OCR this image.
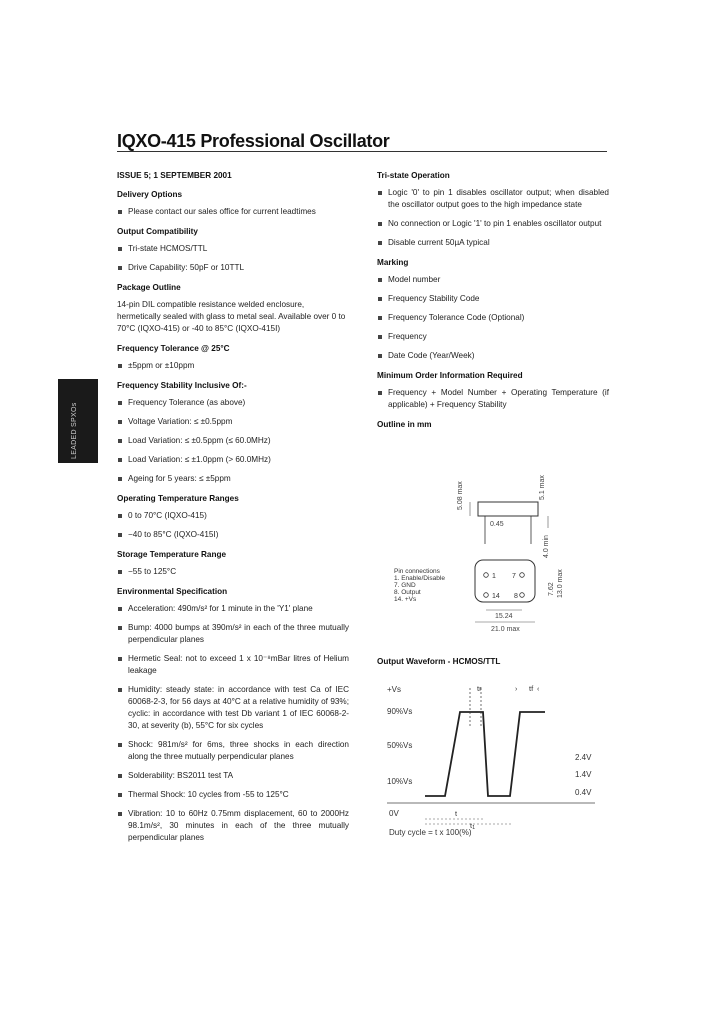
IQXO-415 Professional Oscillator
LEADED SPXOs
ISSUE 5; 1 SEPTEMBER 2001
Delivery Options
Please contact our sales office for current leadtimes
Output Compatibility
Tri-state HCMOS/TTL
Drive Capability: 50pF or 10TTL
Package Outline
14-pin DIL compatible resistance welded enclosure, hermetically sealed with glass to metal seal. Available over 0 to 70°C (IQXO-415) or -40 to 85°C (IQXO-415I)
Frequency Tolerance @ 25°C
±5ppm or ±10ppm
Frequency Stability Inclusive Of:-
Frequency Tolerance (as above)
Voltage Variation: ≤ ±0.5ppm
Load Variation: ≤ ±0.5ppm (≤ 60.0MHz)
Load Variation: ≤ ±1.0ppm (> 60.0MHz)
Ageing for 5 years: ≤ ±5ppm
Operating Temperature Ranges
0 to 70°C (IQXO-415)
−40 to 85°C (IQXO-415I)
Storage Temperature Range
−55 to 125°C
Environmental Specification
Acceleration: 490m/s² for 1 minute in the 'Y1' plane
Bump: 4000 bumps at 390m/s² in each of the three mutually perpendicular planes
Hermetic Seal: not to exceed 1 x 10⁻⁸mBar litres of Helium leakage
Humidity: steady state: in accordance with test Ca of IEC 60068-2-3, for 56 days at 40°C at a relative humidity of 93%; cyclic: in accordance with test Db variant 1 of IEC 60068-2-30, at severity (b), 55°C for six cycles
Shock: 981m/s² for 6ms, three shocks in each direction along the three mutually perpendicular planes
Solderability: BS2011 test TA
Thermal Shock: 10 cycles from -55 to 125°C
Vibration: 10 to 60Hz 0.75mm displacement, 60 to 2000Hz 98.1m/s², 30 minutes in each of the three mutually perpendicular planes
Tri-state Operation
Logic '0' to pin 1 disables oscillator output; when disabled the oscillator output goes to the high impedance state
No connection or Logic '1' to pin 1 enables oscillator output
Disable current 50µA typical
Marking
Model number
Frequency Stability Code
Frequency Tolerance Code (Optional)
Frequency
Date Code (Year/Week)
Minimum Order Information Required
Frequency + Model Number + Operating Temperature (if applicable) + Frequency Stability
Outline in mm
5.08 max	5.1 max
0.45
4.0 min
1 7
14 8
Pin connections
1. Enable/Disable
7. GND
8. Output
14. +Vs
7.62 13.0 max
15.24
21.0 max
Output Waveform - HCMOS/TTL
+Vs
90%Vs
50%Vs
10%Vs
0V
2.4V
1.4V
0.4V
tr	tf
›	‹
t
t1
Duty cycle = t x 100(%)
